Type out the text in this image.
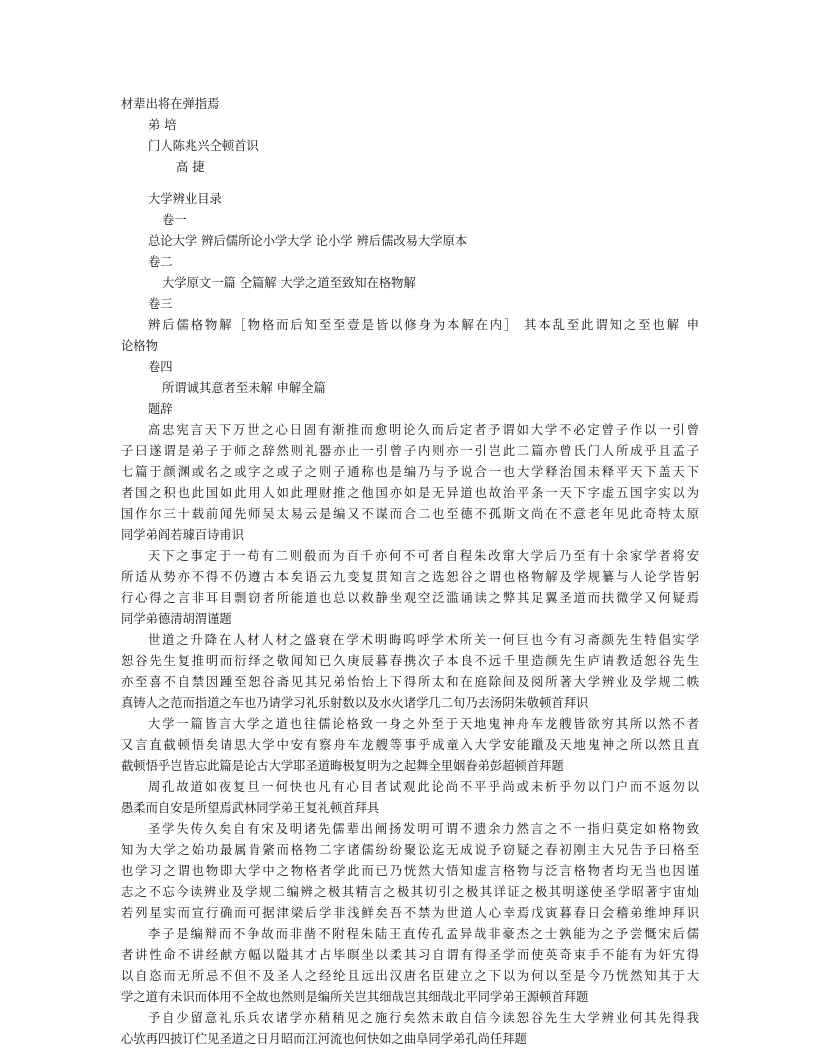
材辈出将在弹指焉
弟 培
门人陈兆兴仝顿首识
高 捷
大学辨业目录
卷一
总论大学 辨后儒所论小学大学 论小学 辨后儒改易大学原本
卷二
大学原文一篇 仝篇解 大学之道至致知在格物解
卷三
辨后儒格物解［物格而后知至至壹是皆以修身为本解在内］ 其本乱至此谓知之至也解 申
论格物
卷四
所谓诚其意者至未解 申解全篇
题辞
高忠宪言天下万世之心日固有渐推而愈明论久而后定者予谓如大学不必定曾子作以一引曾
子曰遂谓是弟子于师之辞然则礼器亦止一引曾子内则亦一引岂此二篇亦曾氏门人所成乎且孟子
七篇于颜渊或名之或字之或子之则子通称也是编乃与予说合一也大学释治国未释平天下盖天下
者国之积也此国如此用人如此理财推之他国亦如是无异道也故治平条一天下字虚五国字实以为
国作尔三十载前闻先师吴太易云是编又不谋而合二也至德不孤斯文尚在不意老年见此奇特太原
同学弟阎若璩百诗甫识
天下之事定于一苟有二则殽而为百千亦何不可者自程朱改窜大学后乃至有十余家学者将安
所适从势亦不得不仍遵古本矣语云九变复贯知言之选恕谷之谓也格物解及学规纂与人论学皆躬
行心得之言非耳目剽窃者所能道也总以救静坐观空泛滥诵读之弊其足翼圣道而扶微学又何疑焉
同学弟德清胡渭谨题
世道之升降在人材人材之盛衰在学术明晦呜呼学术所关一何巨也今有习斋颜先生特倡实学
恕谷先生复推明而衍绎之敬闻知已久庚辰暮春携次子本良不远千里造颜先生庐请教适恕谷先生
亦至喜不自禁因踵至恕谷斋见其兄弟怡怡上下得所太和在庭除间及阅所著大学辨业及学规二帙
真铸人之范而指道之车也乃请学习礼乐射数以及水火诸学几二旬乃去汤阴朱敬顿首拜识
大学一篇皆言大学之道也往儒论格致一身之外至于天地鬼神舟车龙艘皆欲穷其所以然不者
又言直截顿悟矣请思大学中安有察舟车龙艘等事乎成童入大学安能躐及天地鬼神之所以然且直
截顿悟乎岂皆忘此篇是论古大学耶圣道晦极复明为之起舞全里姻眷弟彭超顿首拜题
周孔故道如夜复旦一何快也凡有心目者试观此论尚不平乎尚或未析乎勿以门户而不返勿以
愚柔而自安是所望焉武林同学弟王复礼顿首拜具
圣学失传久矣自有宋及明诸先儒辈出阐扬发明可谓不遗余力然言之不一指归莫定如格物致
知为大学之始功最属肯綮而格物二字诸儒纷纷聚讼迄无成说予窃疑之春初刚主大兄告予曰格至
也学习之谓也物即大学中之物格者学此而已乃恍然大悟知虚言格物与泛言格物者均无当也因谨
志之不忘今读辨业及学规二编辨之极其精言之极其切引之极其详证之极其明遂使圣学昭著宇宙灿
若列星实而宣行确而可据津梁后学非浅鲜矣吾不禁为世道人心幸焉戊寅暮春日会稽弟维坤拜识
李子是编辩而不争故而非凿不附程朱陆王直传孔孟异哉非豪杰之士孰能为之予尝慨宋后儒
者讲性命不讲经献方幅以隘其才占毕暝坐以柔其习自谓有得圣学而使英奇束手不能有为奸宄得
以自恣而无所忌不但不及圣人之经纶且远出汉唐名臣建立之下以为何以至是今乃恍然知其于大
学之道有未识而体用不全故也然则是编所关岂其细哉岂其细哉北平同学弟王源顿首拜题
予自少留意礼乐兵农诸学亦稍稍见之施行矣然未敢自信今读恕谷先生大学辨业何其先得我
心欤再四披订伫见圣道之日月昭而江河流也何快如之曲阜同学弟孔尚任拜题
